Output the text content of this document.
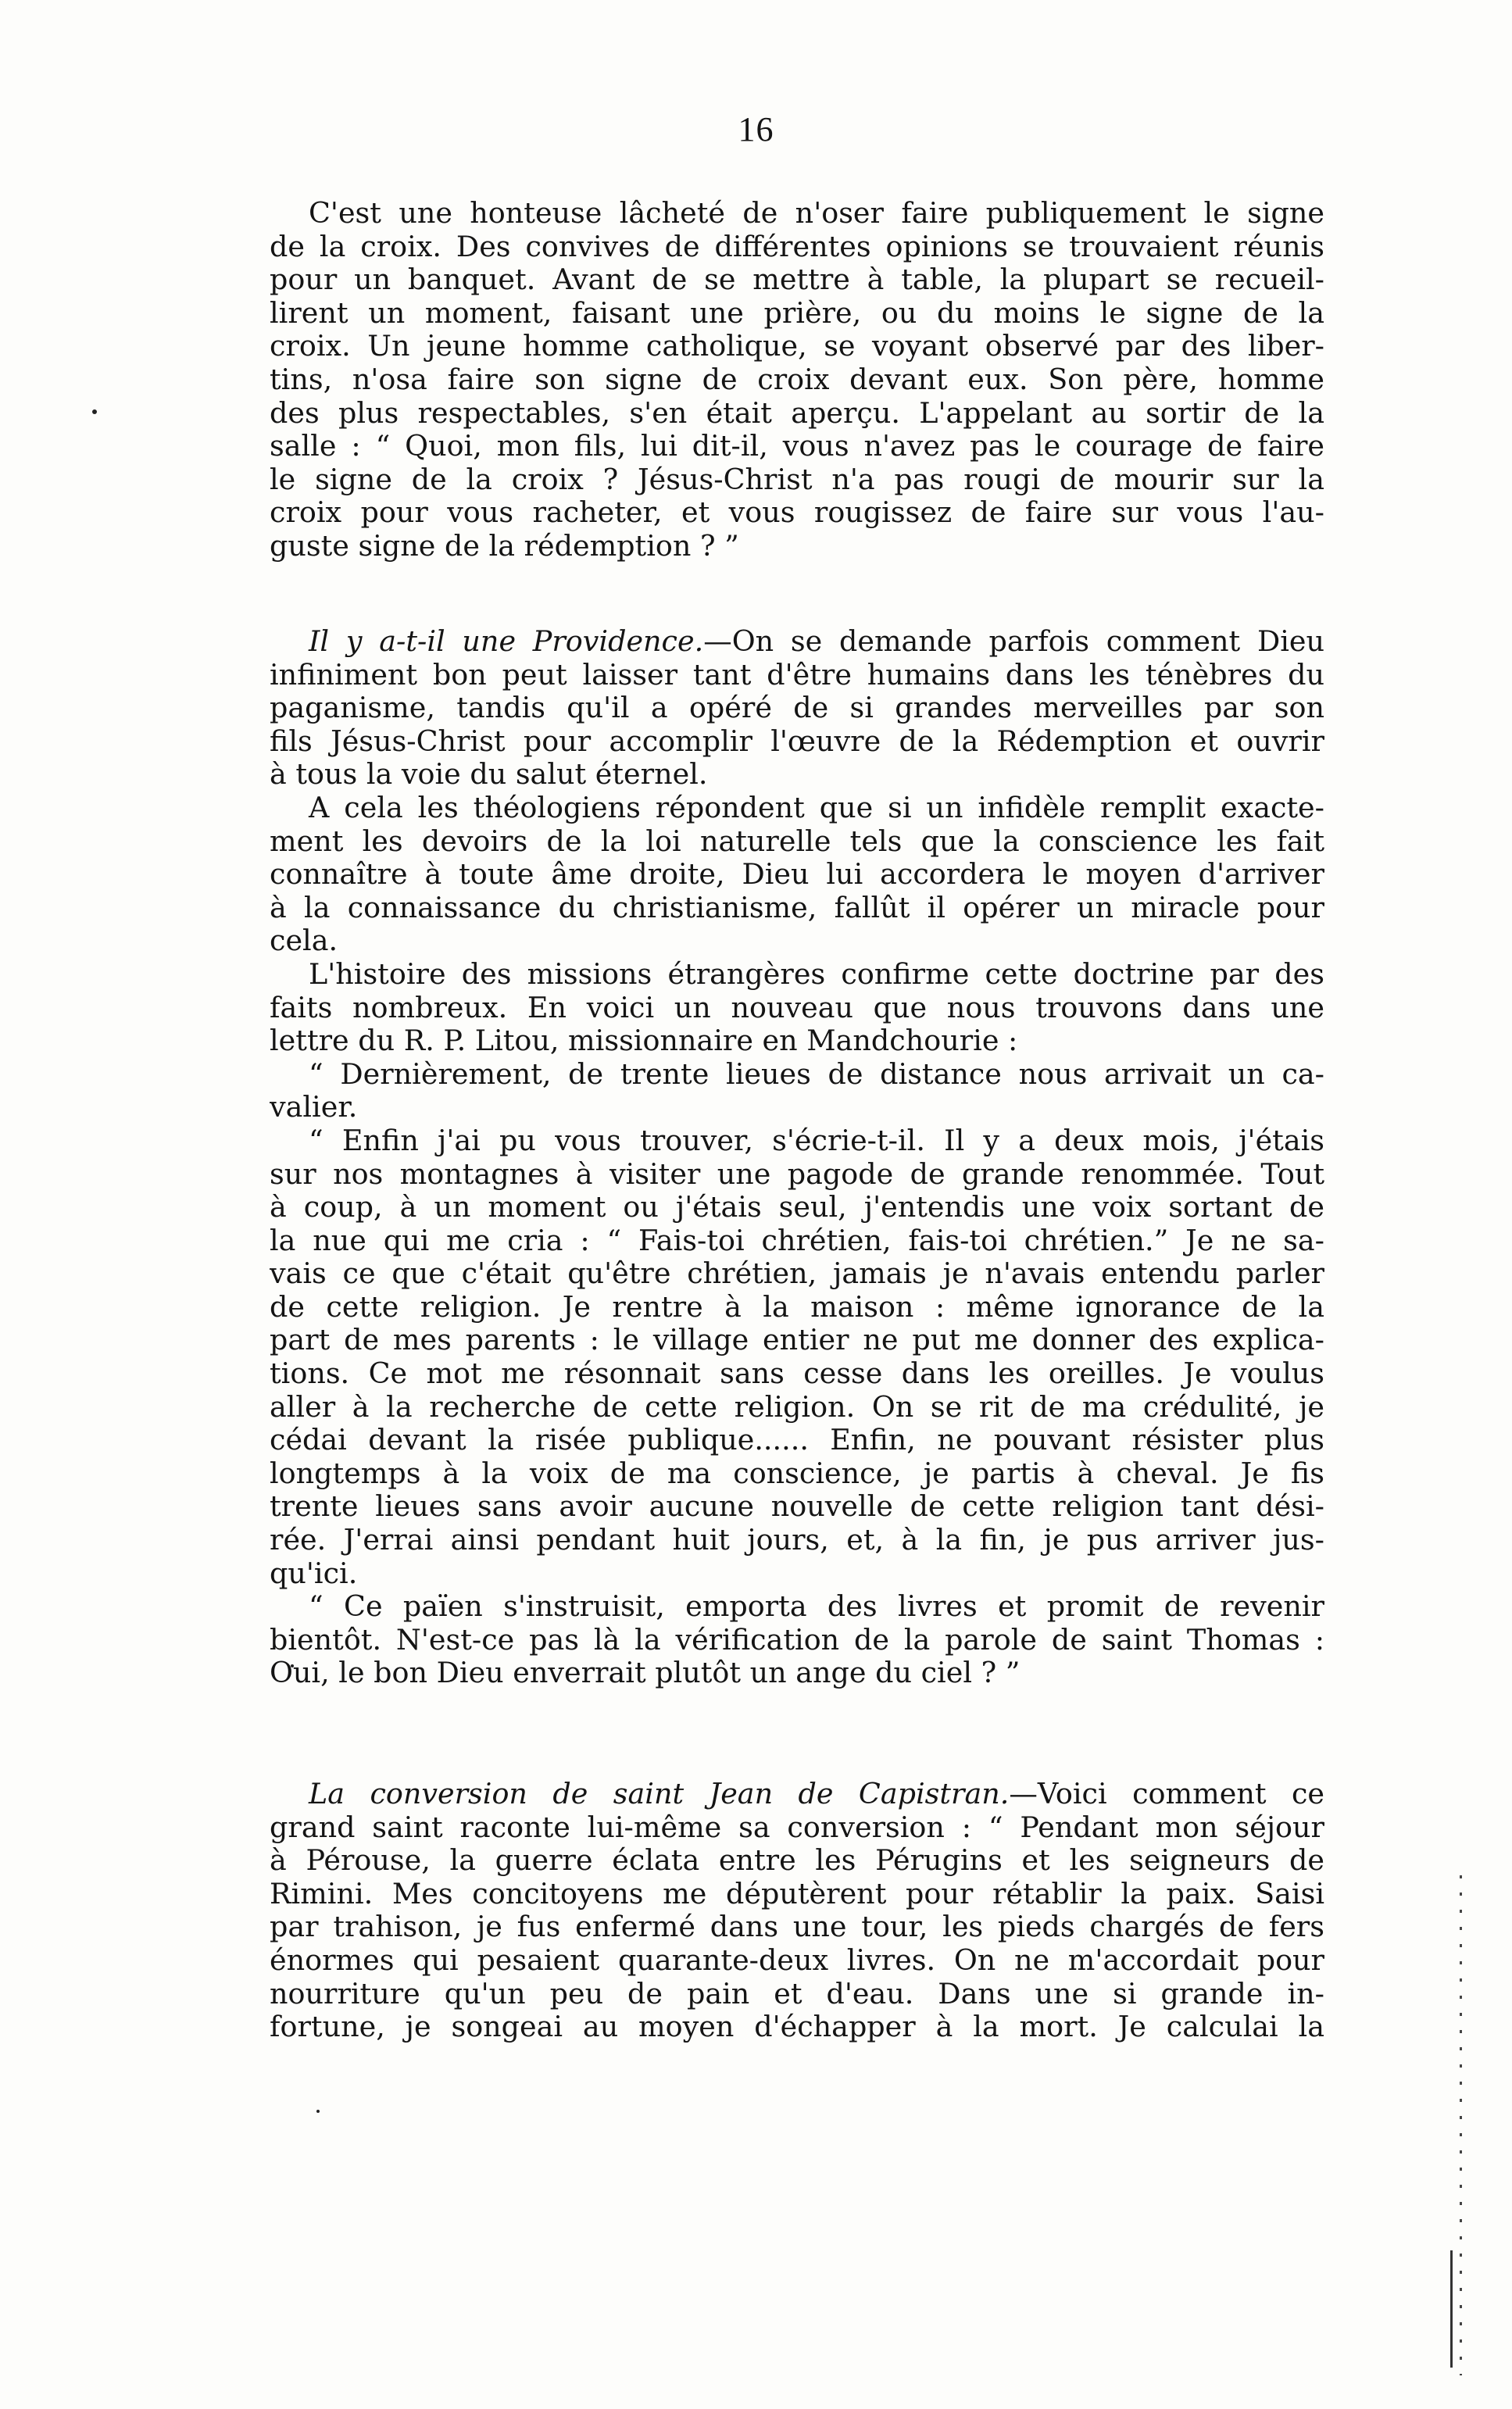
16
C'est une honteuse lâcheté de n'oser faire publiquement le signe
de la croix. Des convives de différentes opinions se trouvaient réunis
pour un banquet. Avant de se mettre à table, la plupart se recueil-
lirent un moment, faisant une prière, ou du moins le signe de la
croix. Un jeune homme catholique, se voyant observé par des liber-
tins, n'osa faire son signe de croix devant eux. Son père, homme
des plus respectables, s'en était aperçu. L'appelant au sortir de la
salle : “ Quoi, mon fils, lui dit-il, vous n'avez pas le courage de faire
le signe de la croix ? Jésus-Christ n'a pas rougi de mourir sur la
croix pour vous racheter, et vous rougissez de faire sur vous l'au-
guste signe de la rédemption ? ”
Il y a-t-il une Providence.—On se demande parfois comment Dieu
infiniment bon peut laisser tant d'être humains dans les ténèbres du
paganisme, tandis qu'il a opéré de si grandes merveilles par son
fils Jésus-Christ pour accomplir l'œuvre de la Rédemption et ouvrir
à tous la voie du salut éternel.
A cela les théologiens répondent que si un infidèle remplit exacte-
ment les devoirs de la loi naturelle tels que la conscience les fait
connaître à toute âme droite, Dieu lui accordera le moyen d'arriver
à la connaissance du christianisme, fallût il opérer un miracle pour
cela.
L'histoire des missions étrangères confirme cette doctrine par des
faits nombreux. En voici un nouveau que nous trouvons dans une
lettre du R. P. Litou, missionnaire en Mandchourie :
“ Dernièrement, de trente lieues de distance nous arrivait un ca-
valier.
“ Enfin j'ai pu vous trouver, s'écrie-t-il. Il y a deux mois, j'étais
sur nos montagnes à visiter une pagode de grande renommée. Tout
à coup, à un moment ou j'étais seul, j'entendis une voix sortant de
la nue qui me cria : “ Fais-toi chrétien, fais-toi chrétien.” Je ne sa-
vais ce que c'était qu'être chrétien, jamais je n'avais entendu parler
de cette religion. Je rentre à la maison : même ignorance de la
part de mes parents : le village entier ne put me donner des explica-
tions. Ce mot me résonnait sans cesse dans les oreilles. Je voulus
aller à la recherche de cette religion. On se rit de ma crédulité, je
cédai devant la risée publique...... Enfin, ne pouvant résister plus
longtemps à la voix de ma conscience, je partis à cheval. Je fis
trente lieues sans avoir aucune nouvelle de cette religion tant dési-
rée. J'errai ainsi pendant huit jours, et, à la fin, je pus arriver jus-
qu'ici.
“ Ce païen s'instruisit, emporta des livres et promit de revenir
bientôt. N'est-ce pas là la vérification de la parole de saint Thomas :
Oui, le bon Dieu enverrait plutôt un ange du ciel ? ”
La conversion de saint Jean de Capistran.—Voici comment ce
grand saint raconte lui-même sa conversion : “ Pendant mon séjour
à Pérouse, la guerre éclata entre les Pérugins et les seigneurs de
Rimini. Mes concitoyens me députèrent pour rétablir la paix. Saisi
par trahison, je fus enfermé dans une tour, les pieds chargés de fers
énormes qui pesaient quarante-deux livres. On ne m'accordait pour
nourriture qu'un peu de pain et d'eau. Dans une si grande in-
fortune, je songeai au moyen d'échapper à la mort. Je calculai la
